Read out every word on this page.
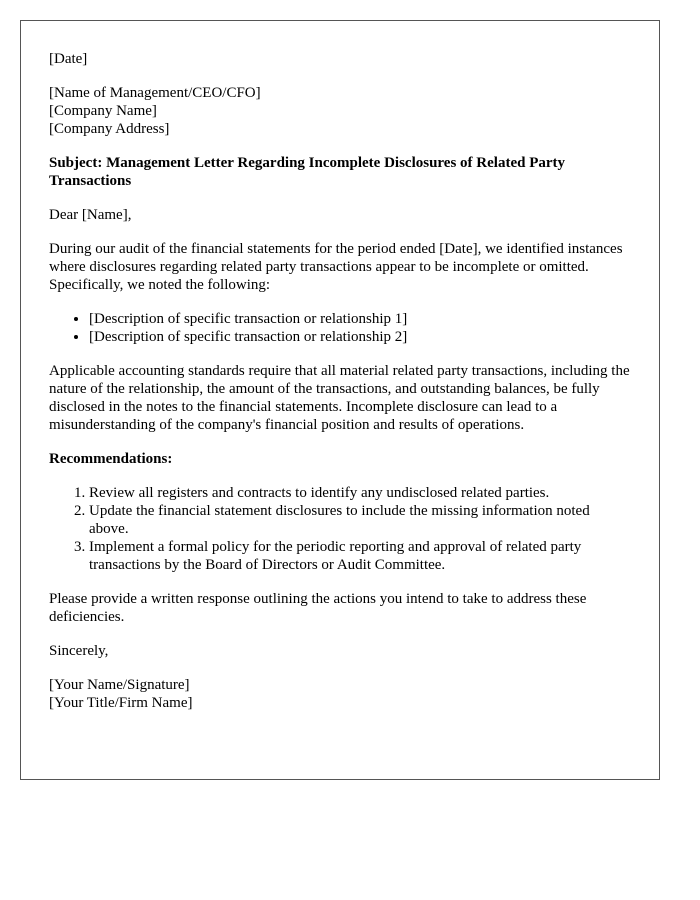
[Date]

[Name of Management/CEO/CFO]
[Company Name]
[Company Address]

Subject: Management Letter Regarding Incomplete Disclosures of Related Party Transactions

Dear [Name],

During our audit of the financial statements for the period ended [Date], we identified instances where disclosures regarding related party transactions appear to be incomplete or omitted. Specifically, we noted the following:

• [Description of specific transaction or relationship 1]
• [Description of specific transaction or relationship 2]

Applicable accounting standards require that all material related party transactions, including the nature of the relationship, the amount of the transactions, and outstanding balances, be fully disclosed in the notes to the financial statements. Incomplete disclosure can lead to a misunderstanding of the company's financial position and results of operations.

Recommendations:

1. Review all registers and contracts to identify any undisclosed related parties.
2. Update the financial statement disclosures to include the missing information noted above.
3. Implement a formal policy for the periodic reporting and approval of related party transactions by the Board of Directors or Audit Committee.

Please provide a written response outlining the actions you intend to take to address these deficiencies.

Sincerely,

[Your Name/Signature]
[Your Title/Firm Name]
